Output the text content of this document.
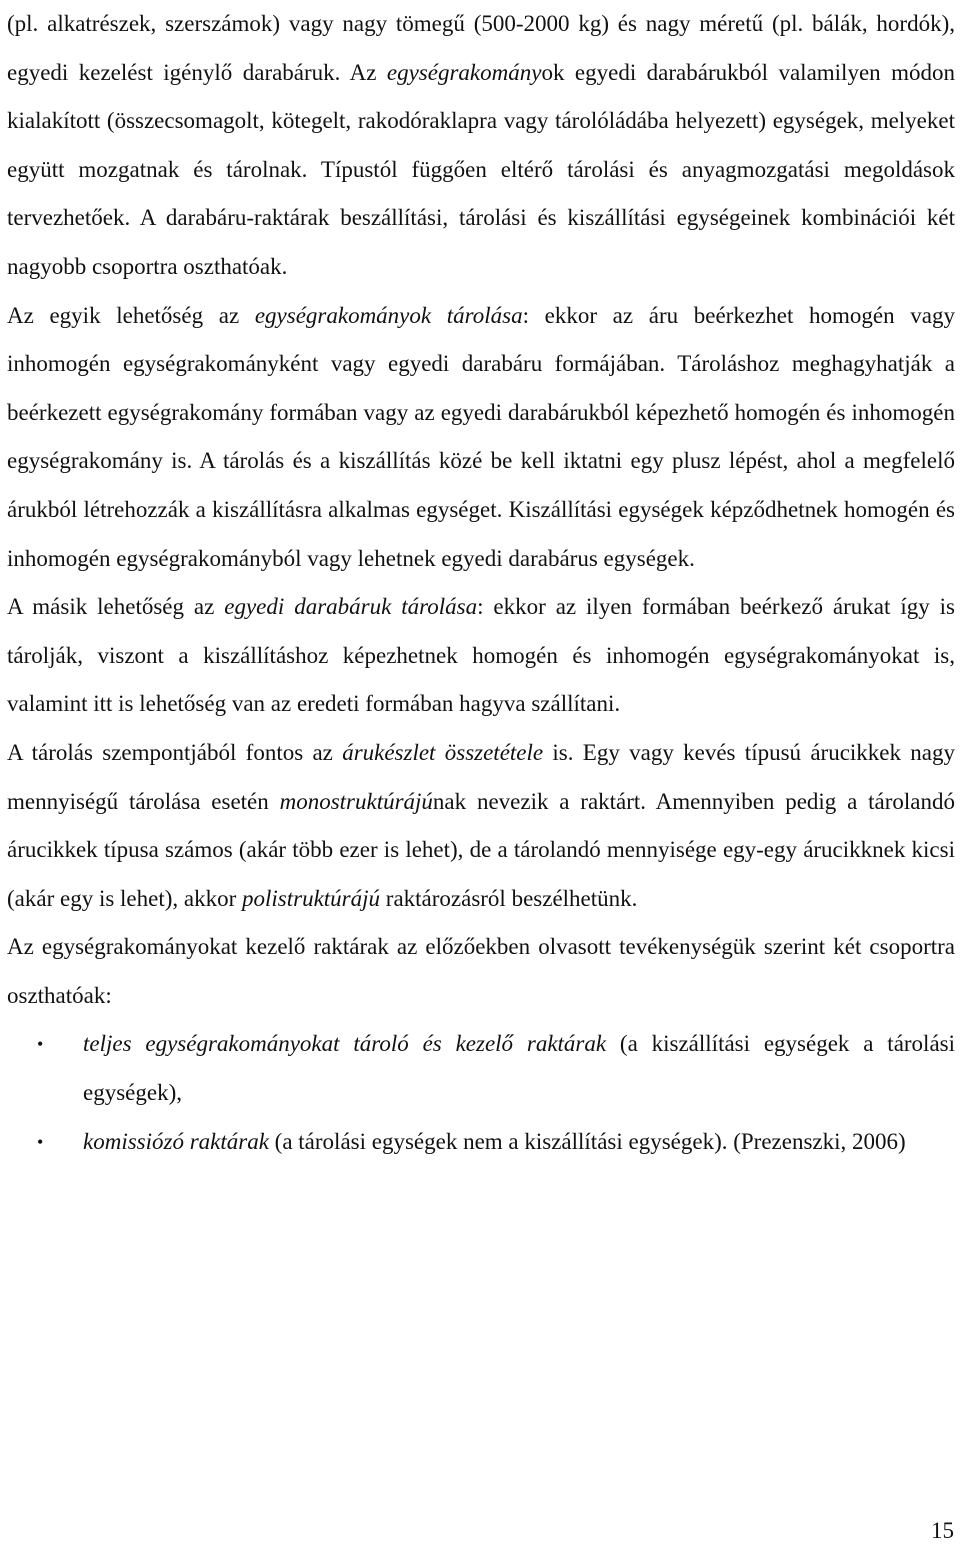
(pl. alkatrészek, szerszámok) vagy nagy tömegű (500-2000 kg) és nagy méretű (pl. bálák, hordók), egyedi kezelést igénylő darabáruk. Az egységrakományok egyedi darabárukból valamilyen módon kialakított (összecsomagolt, kötegelt, rakodóraklapra vagy tárolóládába helyezett) egységek, melyeket együtt mozgatnak és tárolnak. Típustól függően eltérő tárolási és anyagmozgatási megoldások tervezhetőek. A darabáru-raktárak beszállítási, tárolási és kiszállítási egységeinek kombinációi két nagyobb csoportra oszthatóak.

Az egyik lehetőség az egységrakományok tárolása: ekkor az áru beérkezhet homogén vagy inhomogén egységrakományként vagy egyedi darabáru formájában. Tároláshoz meghagyhatják a beérkezett egységrakomány formában vagy az egyedi darabárukból képezhető homogén és inhomogén egységrakomány is. A tárolás és a kiszállítás közé be kell iktatni egy plusz lépést, ahol a megfelelő árukból létrehozzák a kiszállításra alkalmas egységet. Kiszállítási egységek képződhetnek homogén és inhomogén egységrakományból vagy lehetnek egyedi darabárus egységek.

A másik lehetőség az egyedi darabáruk tárolása: ekkor az ilyen formában beérkező árukat így is tárolják, viszont a kiszállításhoz képezhetnek homogén és inhomogén egységrakományokat is, valamint itt is lehetőség van az eredeti formában hagyva szállítani.

A tárolás szempontjából fontos az árukészlet összetétele is. Egy vagy kevés típusú árucikkek nagy mennyiségű tárolása esetén monostruktúrájúnak nevezik a raktárt. Amennyiben pedig a tárolandó árucikkek típusa számos (akár több ezer is lehet), de a tárolandó mennyisége egy-egy árucikknek kicsi (akár egy is lehet), akkor polistruktúrájú raktározásról beszélhetünk.

Az egységrakományokat kezelő raktárak az előzőekben olvasott tevékenységük szerint két csoportra oszthatóak:

• teljes egységrakományokat tároló és kezelő raktárak (a kiszállítási egységek a tárolási egységek),
• komissiózó raktárak (a tárolási egységek nem a kiszállítási egységek). (Prezenszki, 2006)
15
